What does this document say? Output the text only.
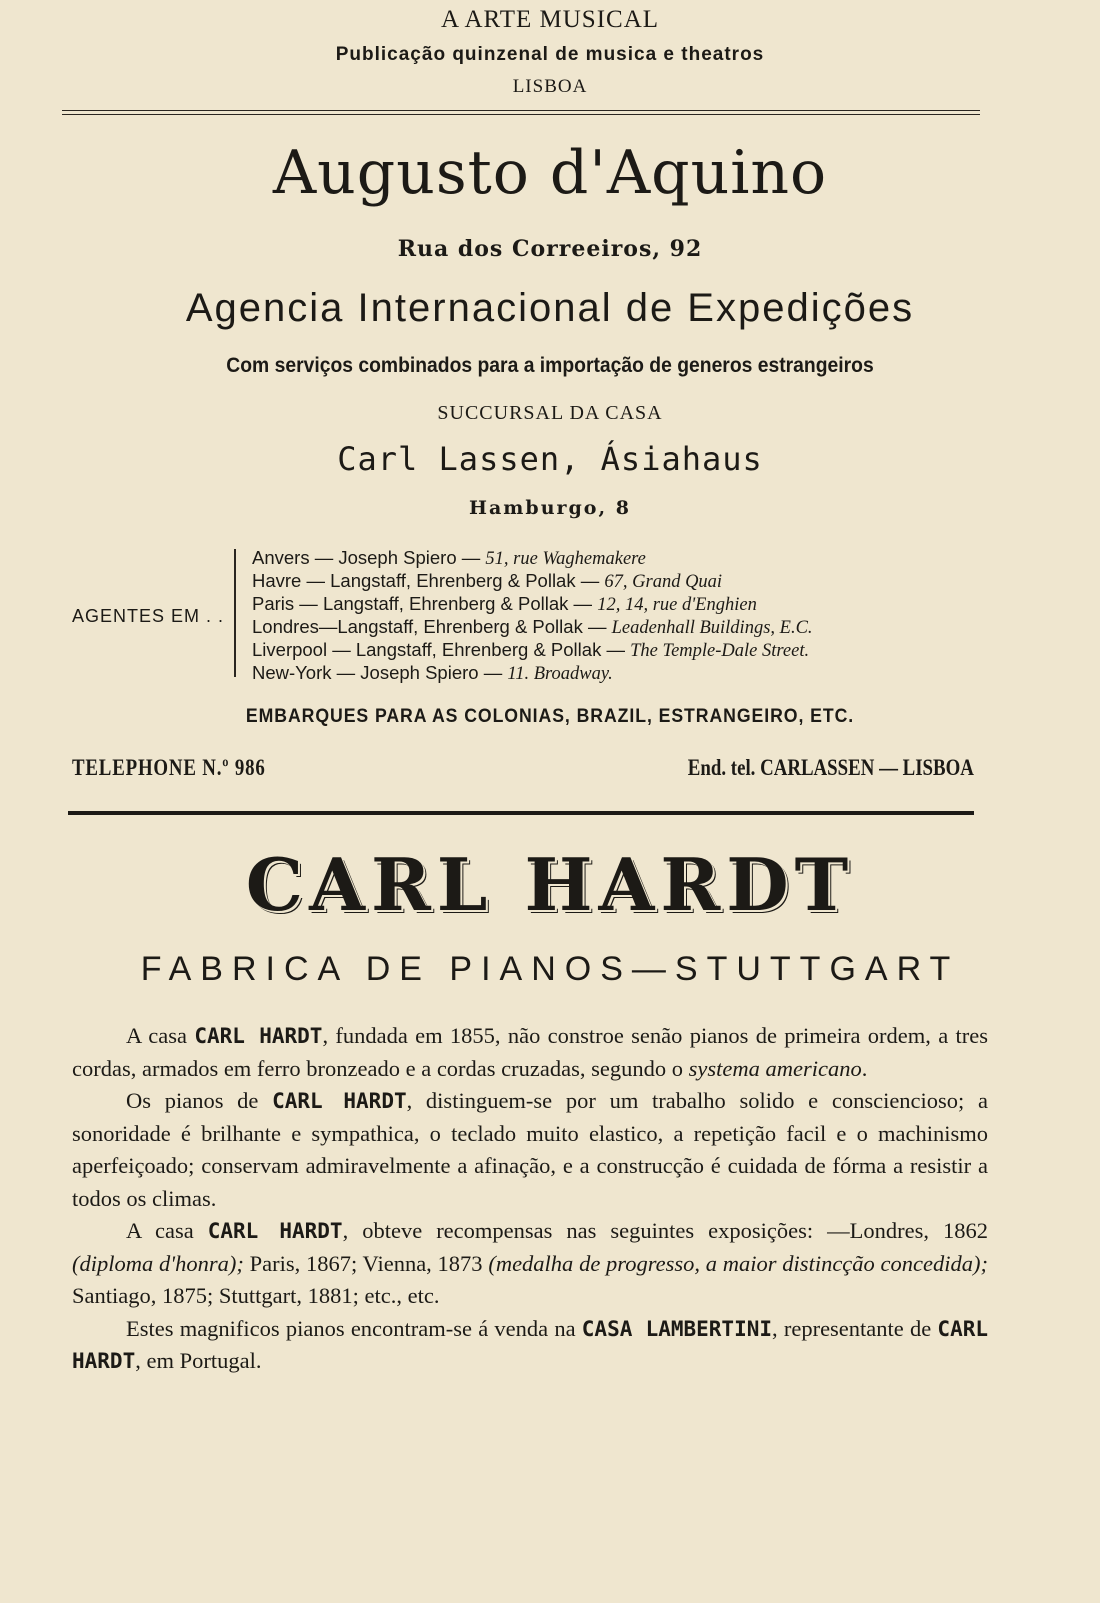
A ARTE MUSICAL
Publicação quinzenal de musica e theatros
LISBOA
Augusto d'Aquino
Rua dos Correeiros, 92
Agencia Internacional de Expedições
Com serviços combinados para a importação de generos estrangeiros
SUCCURSAL DA CASA
Carl Lassen, Ásiahaus
Hamburgo, 8
AGENTES EM . .
Anvers — Joseph Spiero — 51, rue Waghemakere
Havre — Langstaff, Ehrenberg & Pollak — 67, Grand Quai
Paris — Langstaff, Ehrenberg & Pollak — 12, 14, rue d'Enghien
Londres—Langstaff, Ehrenberg & Pollak — Leadenhall Buildings, E.C.
Liverpool — Langstaff, Ehrenberg & Pollak — The Temple-Dale Street.
New-York — Joseph Spiero — 11. Broadway.
EMBARQUES PARA AS COLONIAS, BRAZIL, ESTRANGEIRO, ETC.
TELEPHONE N.º 986	End. tel. CARLASSEN — LISBOA
CARL HARDT
FABRICA DE PIANOS—STUTTGART

A casa CARL HARDT, fundada em 1855, não constroe senão pianos de primeira ordem, a tres cordas, armados em ferro bronzeado e a cordas cruzadas, segundo o systema americano.

Os pianos de CARL HARDT, distinguem-se por um trabalho solido e consciencioso; a sonoridade é brilhante e sympathica, o teclado muito elastico, a repetição facil e o machinismo aperfeiçoado; conservam admiravelmente a afinação, e a construcção é cuidada de fórma a resistir a todos os climas.

A casa CARL HARDT, obteve recompensas nas seguintes exposições: —Londres, 1862 (diploma d'honra); Paris, 1867; Vienna, 1873 (medalha de progresso, a maior distincção concedida); Santiago, 1875; Stuttgart, 1881; etc., etc.

Estes magnificos pianos encontram-se á venda na CASA LAMBERTINI, representante de CARL HARDT, em Portugal.
